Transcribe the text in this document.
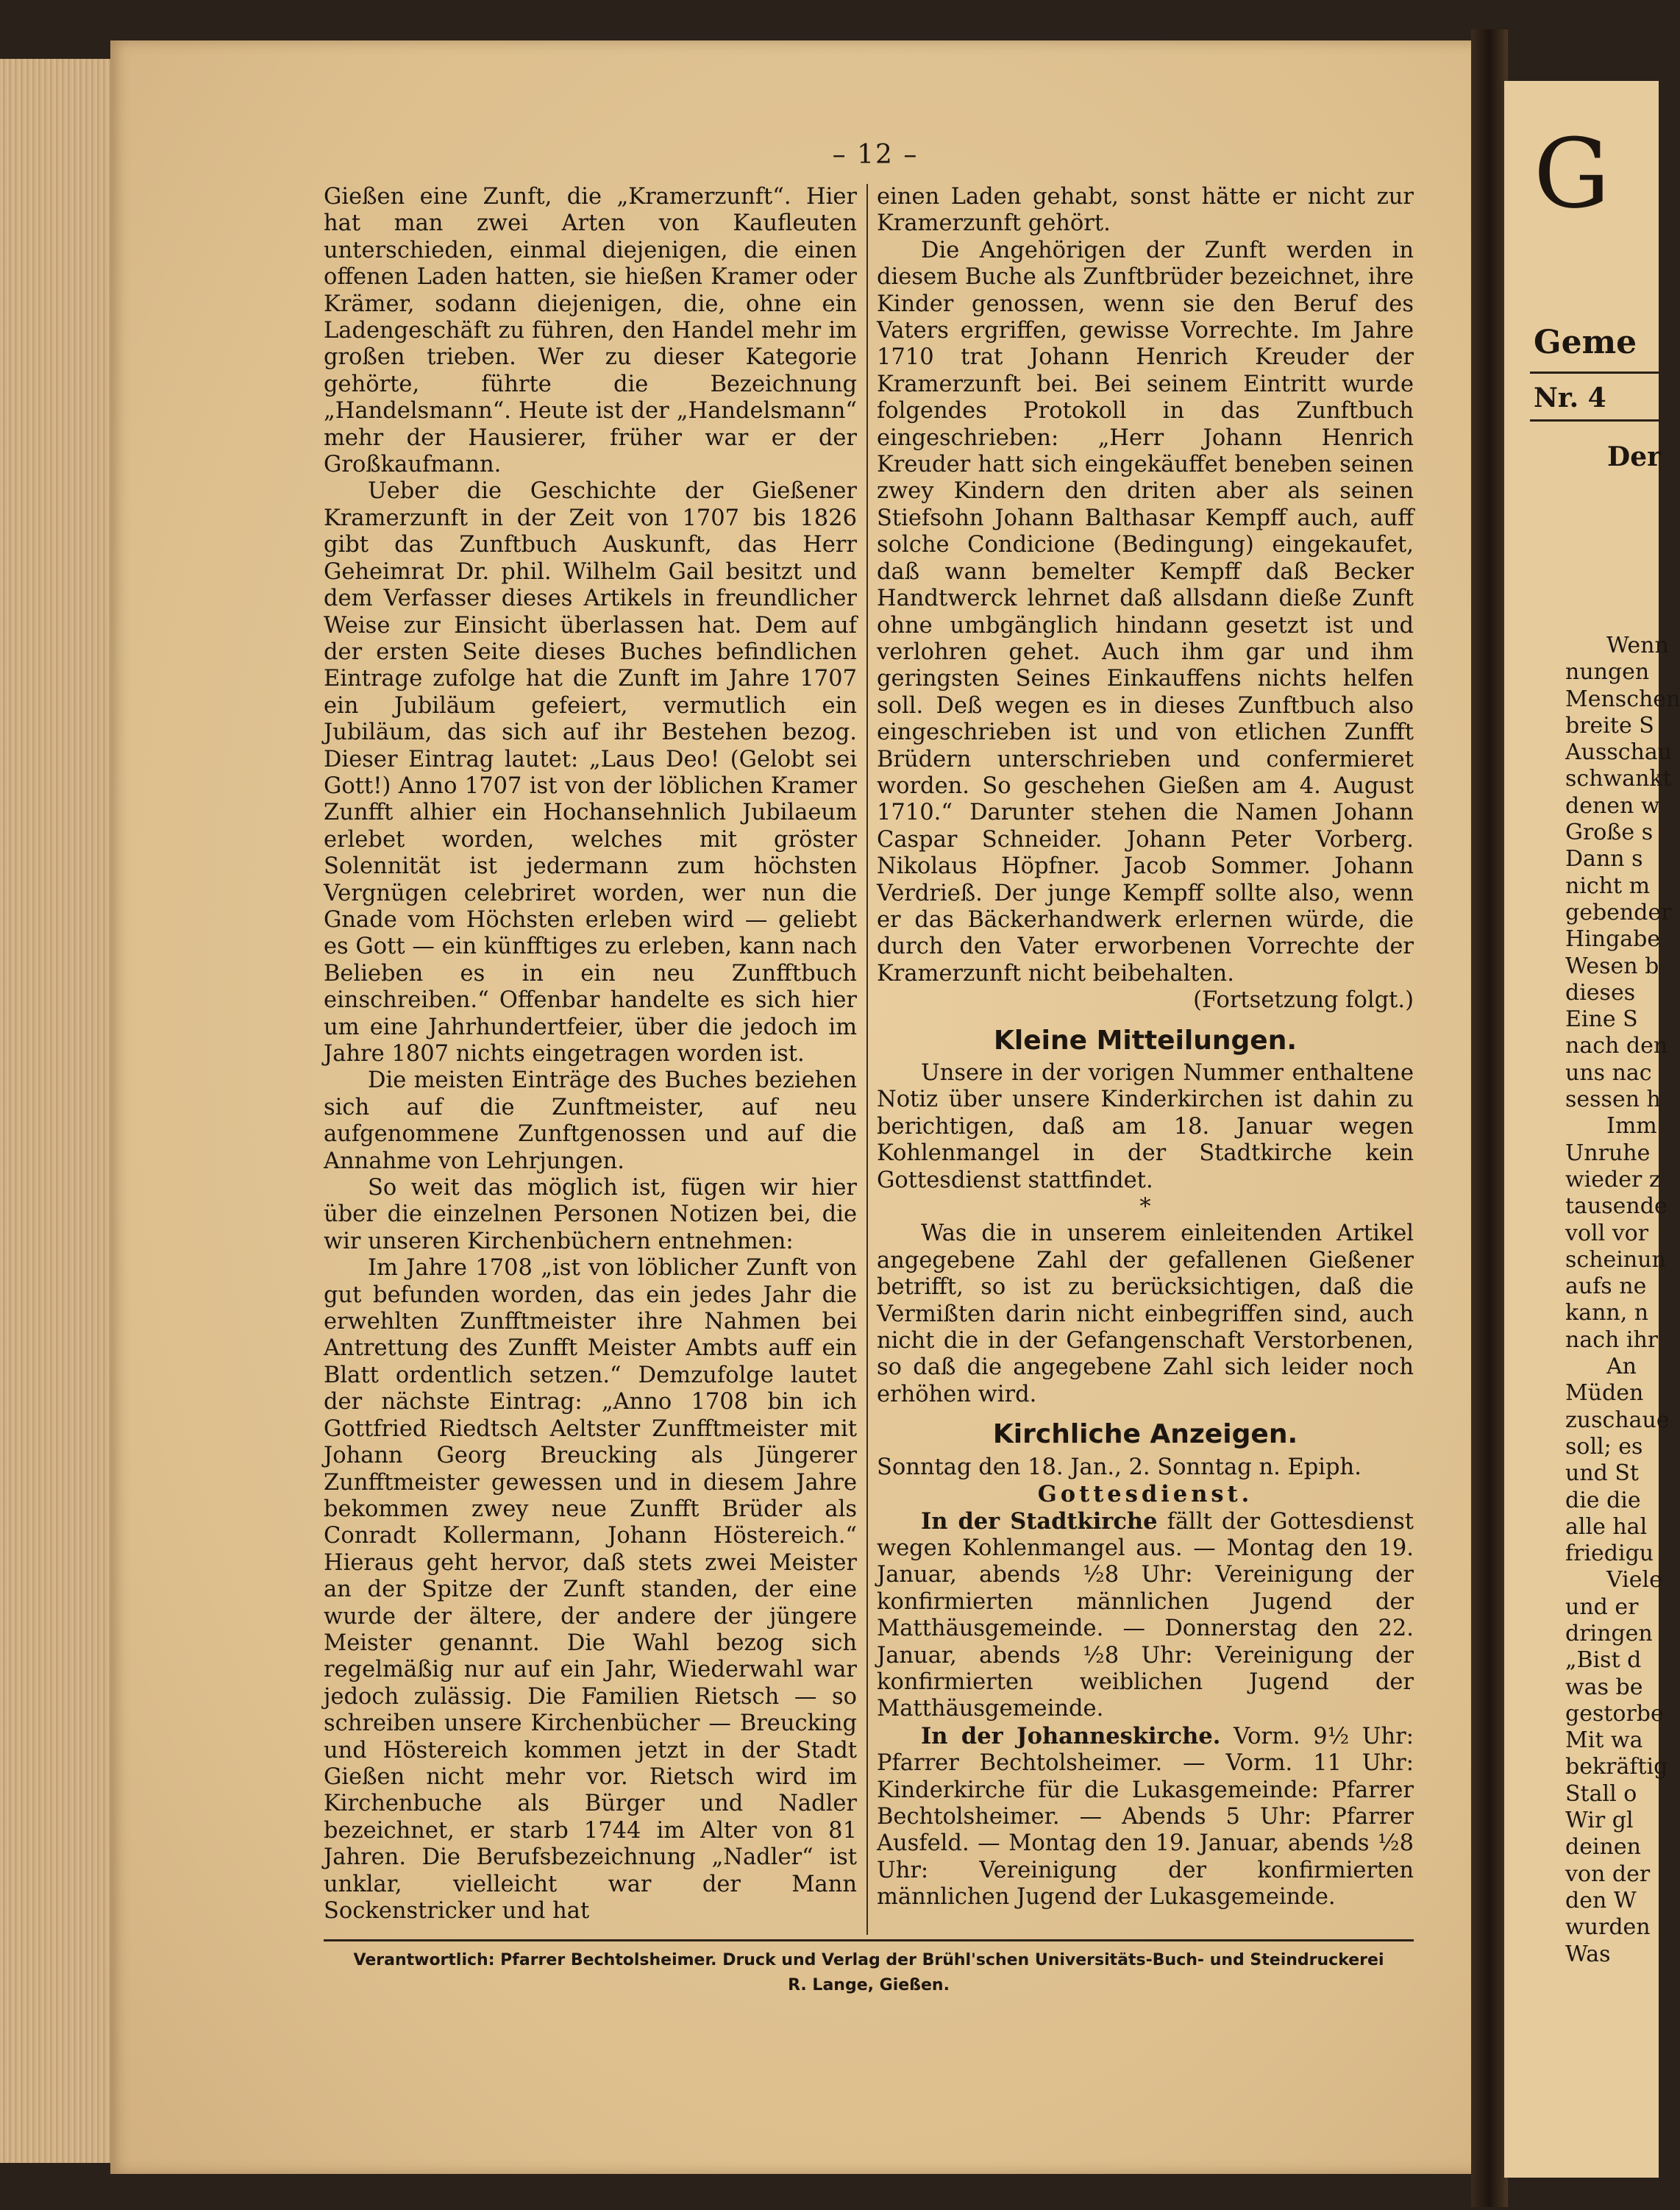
– 12 –

Gießen eine Zunft, die „Kramerzunft“. Hier hat man zwei Arten von Kaufleuten unterschieden, einmal diejenigen, die einen offenen Laden hatten, sie hießen Kramer oder Krämer, sodann diejenigen, die, ohne ein Ladengeschäft zu führen, den Handel mehr im großen trieben. Wer zu dieser Kategorie gehörte, führte die Bezeichnung „Handelsmann“. Heute ist der „Handelsmann“ mehr der Hausierer, früher war er der Großkaufmann.

Ueber die Geschichte der Gießener Kramerzunft in der Zeit von 1707 bis 1826 gibt das Zunftbuch Auskunft, das Herr Geheimrat Dr. phil. Wilhelm Gail besitzt und dem Verfasser dieses Artikels in freundlicher Weise zur Einsicht überlassen hat. Dem auf der ersten Seite dieses Buches befindlichen Eintrage zufolge hat die Zunft im Jahre 1707 ein Jubiläum gefeiert, vermutlich ein Jubiläum, das sich auf ihr Bestehen bezog. Dieser Eintrag lautet: „Laus Deo! (Gelobt sei Gott!) Anno 1707 ist von der löblichen Kramer Zunfft alhier ein Hochansehnlich Jubilaeum erlebet worden, welches mit gröster Solennität ist jedermann zum höchsten Vergnügen celebriret worden, wer nun die Gnade vom Höchsten erleben wird — geliebt es Gott — ein künfftiges zu erleben, kann nach Belieben es in ein neu Zunfftbuch einschreiben.“ Offenbar handelte es sich hier um eine Jahrhundertfeier, über die jedoch im Jahre 1807 nichts eingetragen worden ist.

Die meisten Einträge des Buches beziehen sich auf die Zunftmeister, auf neu aufgenommene Zunftgenossen und auf die Annahme von Lehrjungen.

So weit das möglich ist, fügen wir hier über die einzelnen Personen Notizen bei, die wir unseren Kirchenbüchern entnehmen:

Im Jahre 1708 „ist von löblicher Zunft von gut befunden worden, das ein jedes Jahr die erwehlten Zunfftmeister ihre Nahmen bei Antrettung des Zunfft Meister Ambts auff ein Blatt ordentlich setzen.“ Demzufolge lautet der nächste Eintrag: „Anno 1708 bin ich Gottfried Riedtsch Aeltster Zunfftmeister mit Johann Georg Breucking als Jüngerer Zunfftmeister gewessen und in diesem Jahre bekommen zwey neue Zunfft Brüder als Conradt Kollermann, Johann Höstereich.“ Hieraus geht hervor, daß stets zwei Meister an der Spitze der Zunft standen, der eine wurde der ältere, der andere der jüngere Meister genannt. Die Wahl bezog sich regelmäßig nur auf ein Jahr, Wiederwahl war jedoch zulässig. Die Familien Rietsch — so schreiben unsere Kirchenbücher — Breucking und Höstereich kommen jetzt in der Stadt Gießen nicht mehr vor. Rietsch wird im Kirchenbuche als Bürger und Nadler bezeichnet, er starb 1744 im Alter von 81 Jahren. Die Berufsbezeichnung „Nadler“ ist unklar, vielleicht war der Mann Sockenstricker und hat

einen Laden gehabt, sonst hätte er nicht zur Kramerzunft gehört.

Die Angehörigen der Zunft werden in diesem Buche als Zunftbrüder bezeichnet, ihre Kinder genossen, wenn sie den Beruf des Vaters ergriffen, gewisse Vorrechte. Im Jahre 1710 trat Johann Henrich Kreuder der Kramerzunft bei. Bei seinem Eintritt wurde folgendes Protokoll in das Zunftbuch eingeschrieben: „Herr Johann Henrich Kreuder hatt sich eingekäuffet beneben seinen zwey Kindern den driten aber als seinen Stiefsohn Johann Balthasar Kempff auch, auff solche Condicione (Bedingung) eingekaufet, daß wann bemelter Kempff daß Becker Handtwerck lehrnet daß allsdann dieße Zunft ohne umbgänglich hindann gesetzt ist und verlohren gehet. Auch ihm gar und ihm geringsten Seines Einkauffens nichts helfen soll. Deß wegen es in dieses Zunftbuch also eingeschrieben ist und von etlichen Zunfft Brüdern unterschrieben und confermieret worden. So geschehen Gießen am 4. August 1710.“ Darunter stehen die Namen Johann Caspar Schneider. Johann Peter Vorberg. Nikolaus Höpfner. Jacob Sommer. Johann Verdrieß. Der junge Kempff sollte also, wenn er das Bäckerhandwerk erlernen würde, die durch den Vater erworbenen Vorrechte der Kramerzunft nicht beibehalten.

(Fortsetzung folgt.)

Kleine Mitteilungen.

Unsere in der vorigen Nummer enthaltene Notiz über unsere Kinderkirchen ist dahin zu berichtigen, daß am 18. Januar wegen Kohlenmangel in der Stadtkirche kein Gottesdienst stattfindet.

*

Was die in unserem einleitenden Artikel angegebene Zahl der gefallenen Gießener betrifft, so ist zu berücksichtigen, daß die Vermißten darin nicht einbegriffen sind, auch nicht die in der Gefangenschaft Verstorbenen, so daß die angegebene Zahl sich leider noch erhöhen wird.

Kirchliche Anzeigen.

Sonntag den 18. Jan., 2. Sonntag n. Epiph.

Gottesdienst.

In der Stadtkirche fällt der Gottesdienst wegen Kohlenmangel aus. — Montag den 19. Januar, abends ½8 Uhr: Vereinigung der konfirmierten männlichen Jugend der Matthäusgemeinde. — Donnerstag den 22. Januar, abends ½8 Uhr: Vereinigung der konfirmierten weiblichen Jugend der Matthäusgemeinde.

In der Johanneskirche. Vorm. 9½ Uhr: Pfarrer Bechtolsheimer. — Vorm. 11 Uhr: Kinderkirche für die Lukasgemeinde: Pfarrer Bechtolsheimer. — Abends 5 Uhr: Pfarrer Ausfeld. — Montag den 19. Januar, abends ½8 Uhr: Vereinigung der konfirmierten männlichen Jugend der Lukasgemeinde.

Verantwortlich: Pfarrer Bechtolsheimer. Druck und Verlag der Brühl'schen Universitäts-Buch- und Steindruckerei
R. Lange, Gießen.
G
Geme
Nr. 4
Der
Wenn
nungen
Menschen
breite S
Ausschau
schwankt
denen w
Große s
Dann s
nicht m
gebender
Hingabe
Wesen b
dieses
Eine S
nach den
uns nac
sessen h
Imm
Unruhe
wieder z
tausende
voll vor
scheinun
aufs ne
kann, n
nach ihr
An
Müden
zuschaue
soll; es
und St
die die
alle hal
friedigu
Viele
und er
dringen
„Bist d
was be
gestorbe
Mit wa
bekräftig
Stall o
Wir gl
deinen
von der
den W
wurden
Was
